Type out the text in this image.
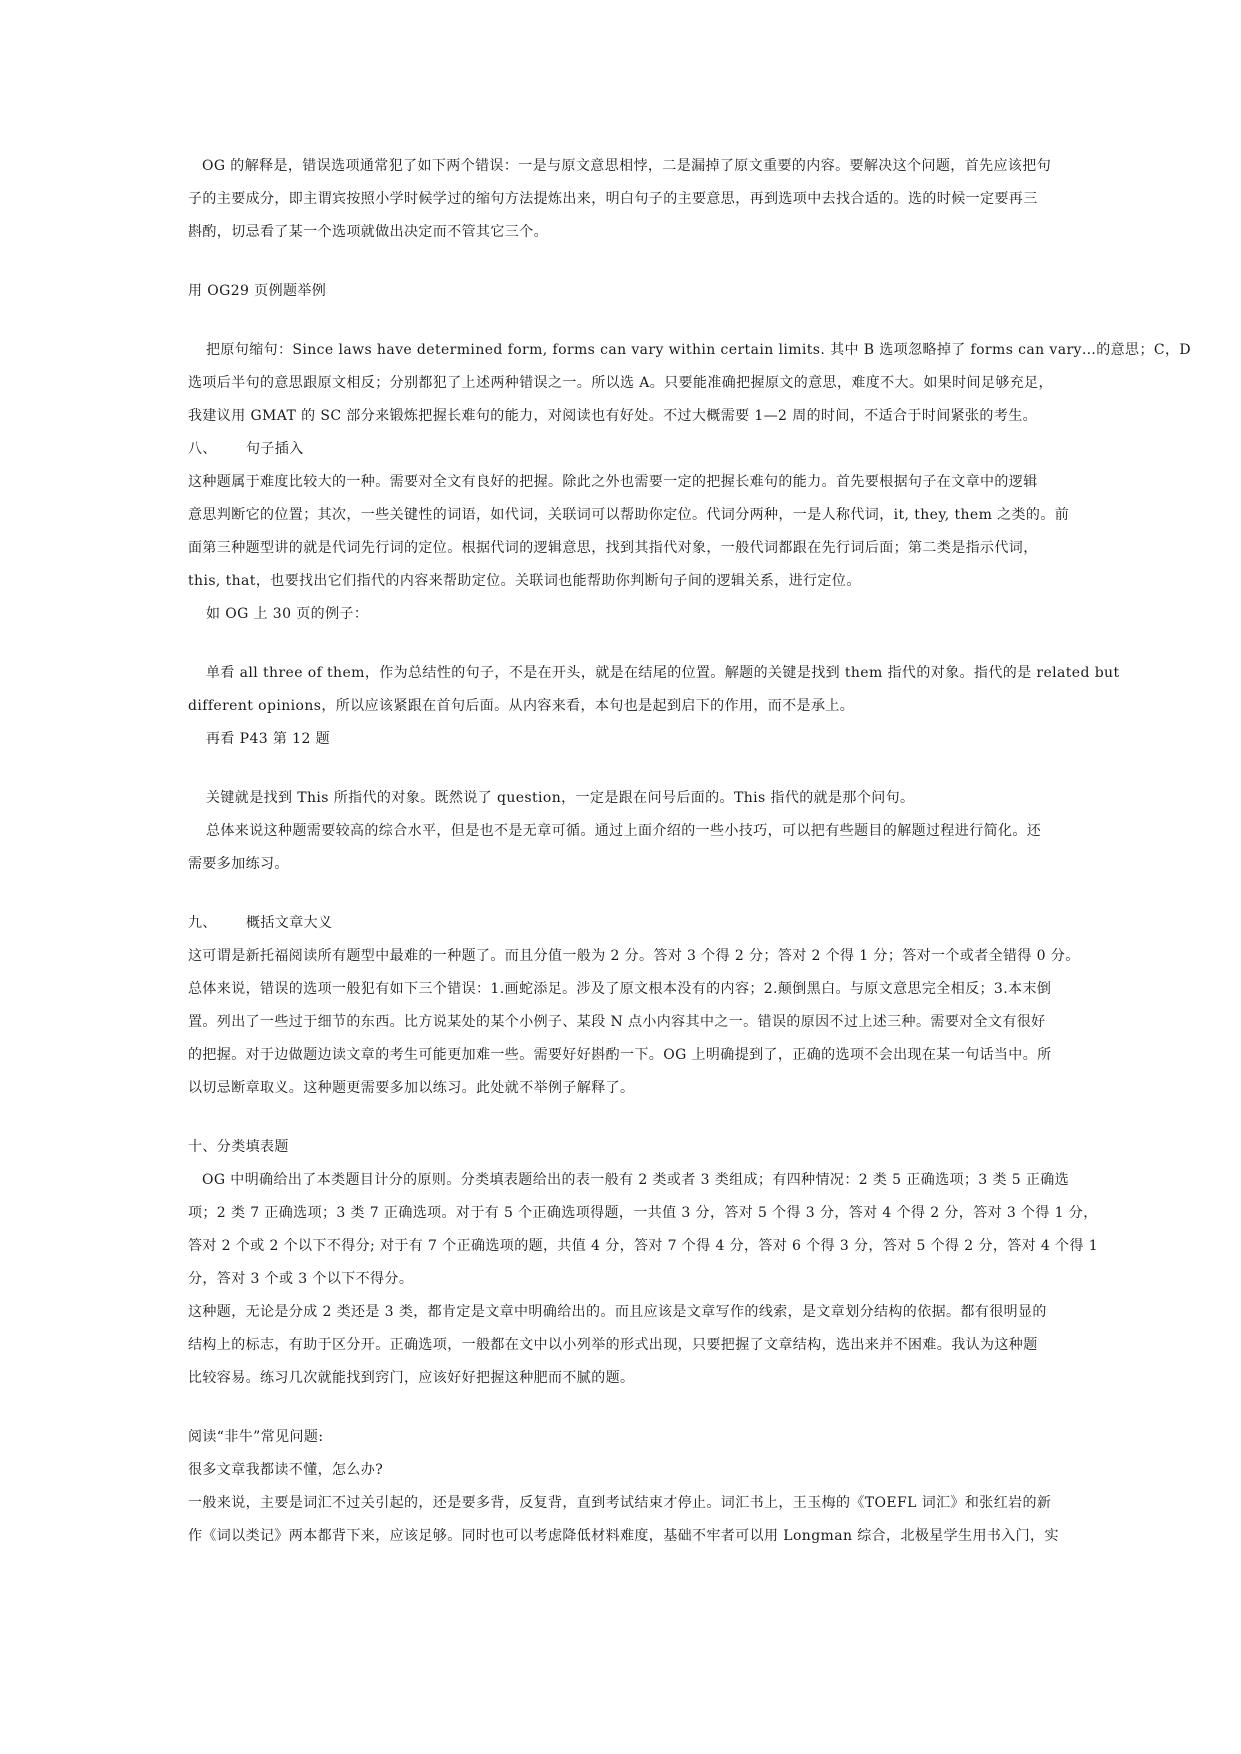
OG 的解释是，错误选项通常犯了如下两个错误：一是与原文意思相悖，二是漏掉了原文重要的内容。要解决这个问题，首先应该把句
子的主要成分，即主谓宾按照小学时候学过的缩句方法提炼出来，明白句子的主要意思，再到选项中去找合适的。选的时候一定要再三
斟酌，切忌看了某一个选项就做出决定而不管其它三个。
用 OG29 页例题举例
把原句缩句：Since laws have determined form, forms can vary within certain limits. 其中 B 选项忽略掉了 forms can vary…的意思；C，D
选项后半句的意思跟原文相反；分别都犯了上述两种错误之一。所以选 A。只要能准确把握原文的意思，难度不大。如果时间足够充足，
我建议用 GMAT 的 SC 部分来锻炼把握长难句的能力，对阅读也有好处。不过大概需要 1—2 周的时间，不适合于时间紧张的考生。
八、 句子插入
这种题属于难度比较大的一种。需要对全文有良好的把握。除此之外也需要一定的把握长难句的能力。首先要根据句子在文章中的逻辑
意思判断它的位置；其次，一些关键性的词语，如代词，关联词可以帮助你定位。代词分两种，一是人称代词，it, they, them 之类的。前
面第三种题型讲的就是代词先行词的定位。根据代词的逻辑意思，找到其指代对象，一般代词都跟在先行词后面；第二类是指示代词，
this, that，也要找出它们指代的内容来帮助定位。关联词也能帮助你判断句子间的逻辑关系，进行定位。
如 OG 上 30 页的例子：
单看 all three of them，作为总结性的句子，不是在开头，就是在结尾的位置。解题的关键是找到 them 指代的对象。指代的是 related but
different opinions，所以应该紧跟在首句后面。从内容来看，本句也是起到启下的作用，而不是承上。
再看 P43 第 12 题
关键就是找到 This 所指代的对象。既然说了 question，一定是跟在问号后面的。This 指代的就是那个问句。
总体来说这种题需要较高的综合水平，但是也不是无章可循。通过上面介绍的一些小技巧，可以把有些题目的解题过程进行简化。还
需要多加练习。
九、 概括文章大义
这可谓是新托福阅读所有题型中最难的一种题了。而且分值一般为 2 分。答对 3 个得 2 分；答对 2 个得 1 分；答对一个或者全错得 0 分。
总体来说，错误的选项一般犯有如下三个错误：1.画蛇添足。涉及了原文根本没有的内容；2.颠倒黑白。与原文意思完全相反；3.本末倒
置。列出了一些过于细节的东西。比方说某处的某个小例子、某段 N 点小内容其中之一。错误的原因不过上述三种。需要对全文有很好
的把握。对于边做题边读文章的考生可能更加难一些。需要好好斟酌一下。OG 上明确提到了，正确的选项不会出现在某一句话当中。所
以切忌断章取义。这种题更需要多加以练习。此处就不举例子解释了。
十、分类填表题
OG 中明确给出了本类题目计分的原则。分类填表题给出的表一般有 2 类或者 3 类组成；有四种情况：2 类 5 正确选项；3 类 5 正确选
项；2 类 7 正确选项；3 类 7 正确选项。对于有 5 个正确选项得题，一共值 3 分，答对 5 个得 3 分，答对 4 个得 2 分，答对 3 个得 1 分，
答对 2 个或 2 个以下不得分; 对于有 7 个正确选项的题，共值 4 分，答对 7 个得 4 分，答对 6 个得 3 分，答对 5 个得 2 分，答对 4 个得 1
分，答对 3 个或 3 个以下不得分。
这种题，无论是分成 2 类还是 3 类，都肯定是文章中明确给出的。而且应该是文章写作的线索，是文章划分结构的依据。都有很明显的
结构上的标志，有助于区分开。正确选项，一般都在文中以小列举的形式出现，只要把握了文章结构，选出来并不困难。我认为这种题
比较容易。练习几次就能找到窍门，应该好好把握这种肥而不腻的题。
阅读“非牛”常见问题:
很多文章我都读不懂，怎么办?
一般来说，主要是词汇不过关引起的，还是要多背，反复背，直到考试结束才停止。词汇书上，王玉梅的《TOEFL 词汇》和张红岩的新
作《词以类记》两本都背下来，应该足够。同时也可以考虑降低材料难度，基础不牢者可以用 Longman 综合，北极星学生用书入门，实
